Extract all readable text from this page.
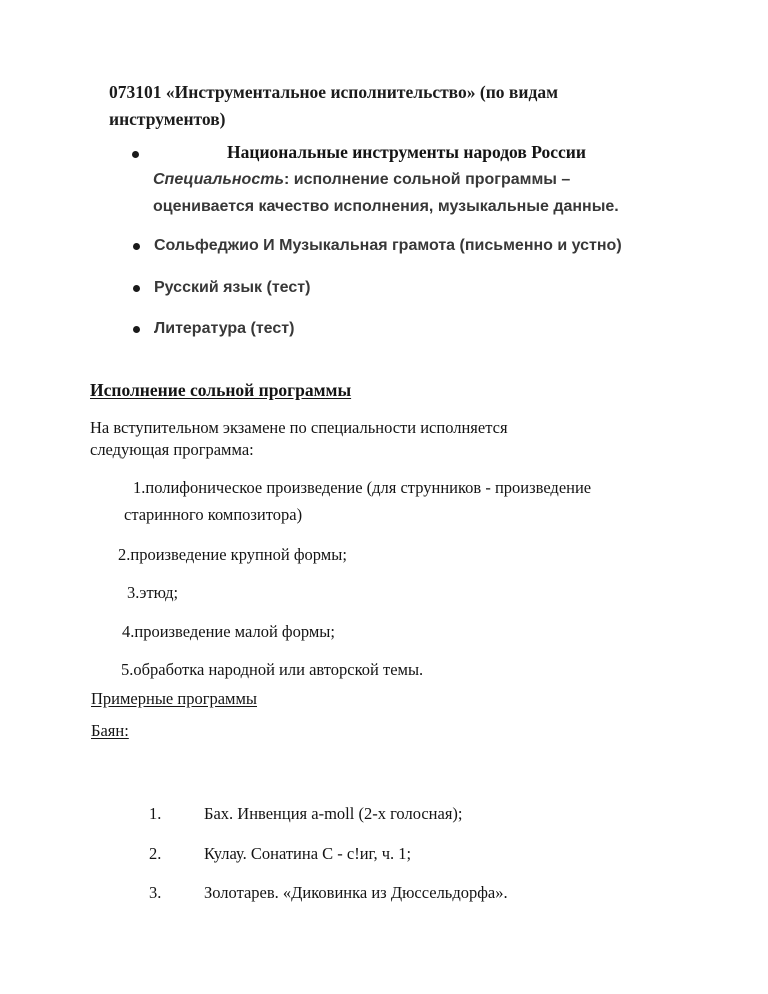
073101 «Инструментальное исполнительство» (по видам
инструментов)
Национальные инструменты народов России
Специальность: исполнение сольной программы –
оценивается качество исполнения, музыкальные данные.
Сольфеджио И Музыкальная грамота (письменно и устно)
Русский язык (тест)
Литература (тест)
Исполнение сольной программы
На вступительном экзамене по специальности исполняется
следующая программа:
1.полифоническое произведение (для струнников - произведение
старинного композитора)
2.произведение крупной формы;
3.этюд;
4.произведение малой формы;
5.обработка народной или авторской темы.
Примерные программы
Баян:
1.	Бах. Инвенция a-moll (2-х голосная);
2.	Кулау. Сонатина С - с!иг, ч. 1;
3.	Золотарев. «Диковинка из Дюссельдорфа».
